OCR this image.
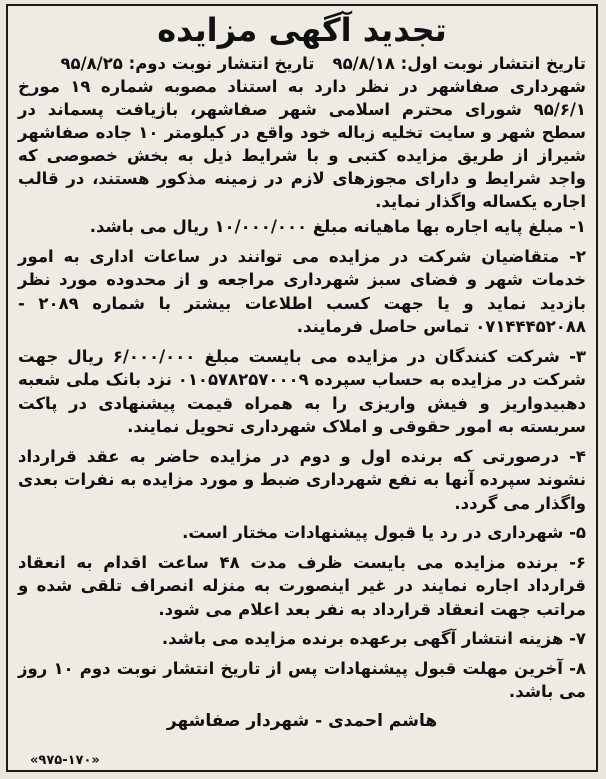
تجدید آگهی مزایده
تاریخ انتشار نوبت اول: ۹۵/۸/۱۸
تاریخ انتشار نوبت دوم: ۹۵/۸/۲۵
شهرداری صفاشهر در نظر دارد به استناد مصوبه شماره ۱۹ مورخ ۹۵/۶/۱ شورای محترم اسلامی شهر صفاشهر، بازیافت پسماند در سطح شهر و سایت تخلیه زباله خود واقع در کیلومتر ۱۰ جاده صفاشهر شیراز از طریق مزایده کتبی و با شرایط ذیل به بخش خصوصی که واجد شرایط و دارای مجوزهای لازم در زمینه مذکور هستند، در قالب اجاره یکساله واگذار نماید.
۱- مبلغ پایه اجاره بها ماهیانه مبلغ ۱۰/۰۰۰/۰۰۰ ریال می باشد.
۲- متقاضیان شرکت در مزایده می توانند در ساعات اداری به امور خدمات شهر و فضای سبز شهرداری مراجعه و از محدوده مورد نظر بازدید نماید و یا جهت کسب اطلاعات بیشتر با شماره ۲۰۸۹ - ۰۷۱۴۴۴۵۲۰۸۸ تماس حاصل فرمایند.
۳- شرکت کنندگان در مزایده می بایست مبلغ ۶/۰۰۰/۰۰۰ ریال جهت شرکت در مزایده به حساب سپرده ۰۱۰۵۷۸۲۵۷۰۰۰۹ نزد بانک ملی شعبه دهبیدواریز و فیش واریزی را به همراه قیمت پیشنهادی در پاکت سربسته به امور حقوقی و املاک شهرداری تحویل نمایند.
۴- درصورتی که برنده اول و دوم در مزایده حاضر به عقد قرارداد نشوند سپرده آنها به نفع شهرداری ضبط و مورد مزایده به نفرات بعدی واگذار می گردد.
۵- شهرداری در رد یا قبول پیشنهادات مختار است.
۶- برنده مزایده می بایست ظرف مدت ۴۸ ساعت اقدام به انعقاد قرارداد اجاره نمایند در غیر اینصورت به منزله انصراف تلقی شده و مراتب جهت انعقاد قرارداد به نفر بعد اعلام می شود.
۷- هزینه انتشار آگهی برعهده برنده مزایده می باشد.
۸- آخرین مهلت قبول پیشنهادات پس از تاریخ انتشار نوبت دوم ۱۰ روز می باشد.
هاشم احمدی - شهردار صفاشهر
«۹۷۵-۱۷۰»
